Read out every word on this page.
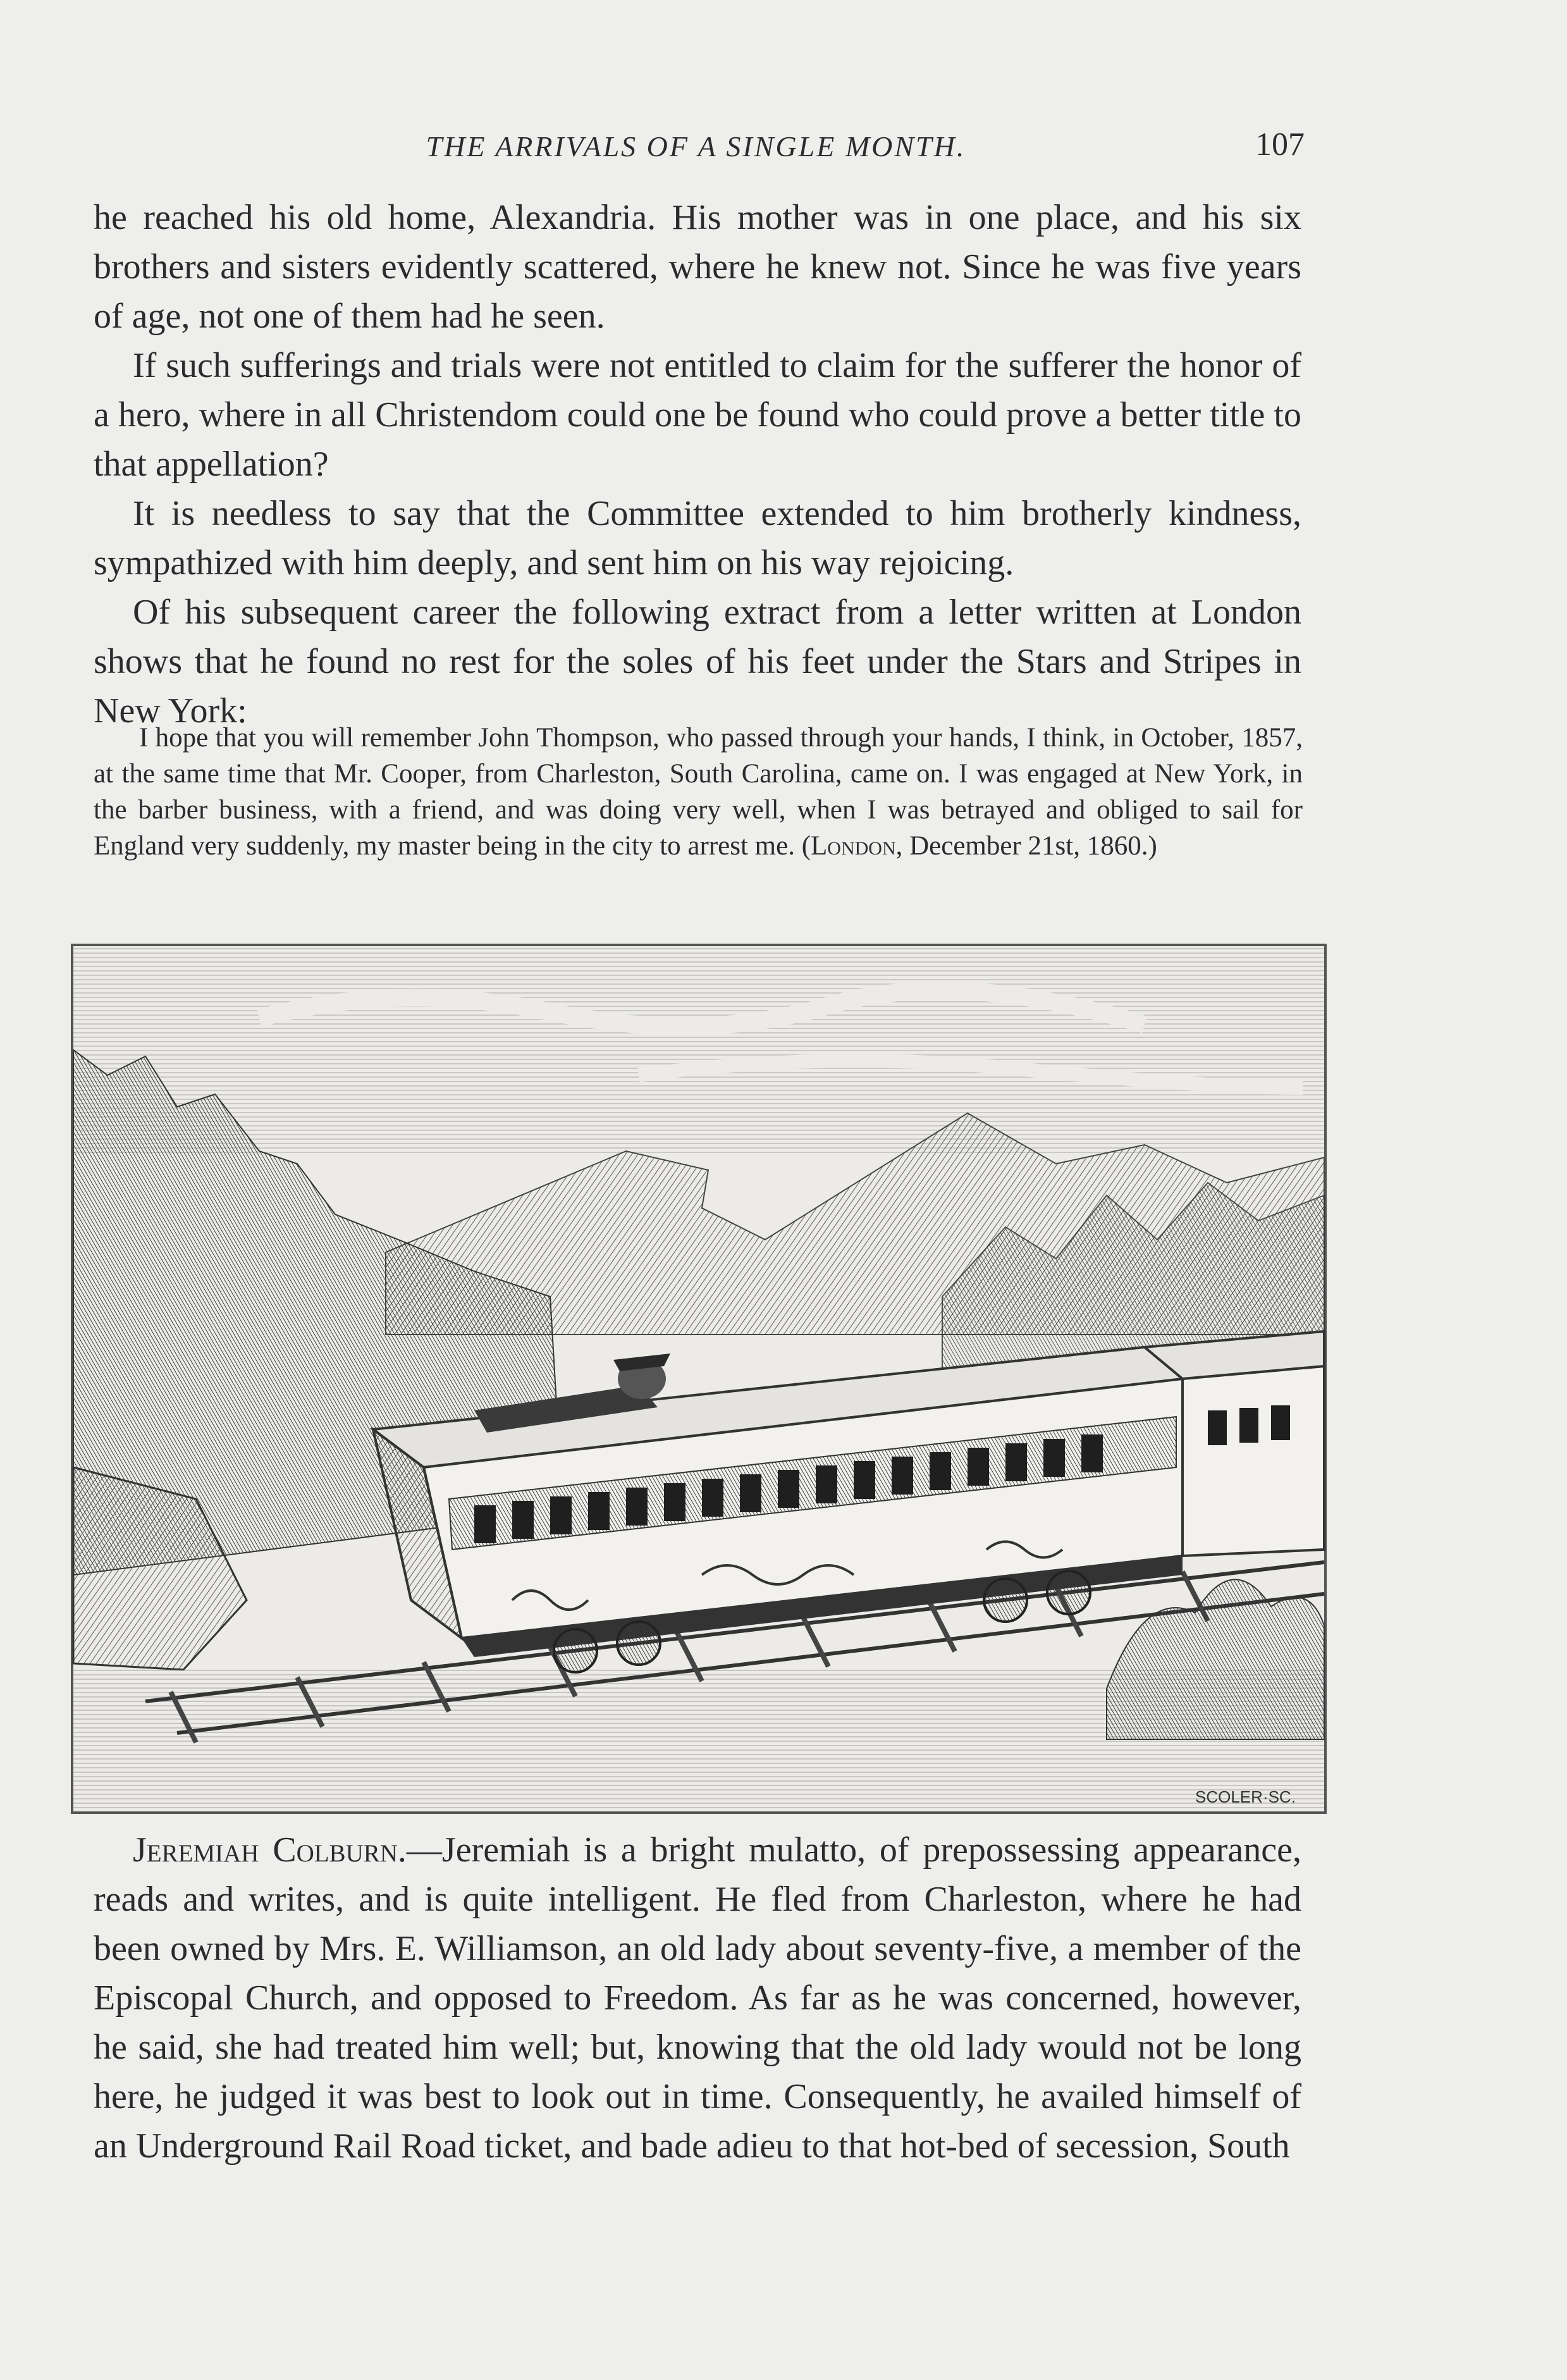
THE ARRIVALS OF A SINGLE MONTH.	107

he reached his old home, Alexandria. His mother was in one place, and his six brothers and sisters evidently scattered, where he knew not. Since he was five years of age, not one of them had he seen.

If such sufferings and trials were not entitled to claim for the sufferer the honor of a hero, where in all Christendom could one be found who could prove a better title to that appellation?

It is needless to say that the Committee extended to him brotherly kindness, sympathized with him deeply, and sent him on his way rejoicing.

Of his subsequent career the following extract from a letter written at London shows that he found no rest for the soles of his feet under the Stars and Stripes in New York:

I hope that you will remember John Thompson, who passed through your hands, I think, in October, 1857, at the same time that Mr. Cooper, from Charleston, South Carolina, came on. I was engaged at New York, in the barber business, with a friend, and was doing very well, when I was betrayed and obliged to sail for England very suddenly, my master being in the city to arrest me. (London, December 21st, 1860.)
SCOLER·SC.
Jeremiah Colburn.—Jeremiah is a bright mulatto, of prepossessing appearance, reads and writes, and is quite intelligent. He fled from Charleston, where he had been owned by Mrs. E. Williamson, an old lady about seventy-five, a member of the Episcopal Church, and opposed to Freedom. As far as he was concerned, however, he said, she had treated him well; but, knowing that the old lady would not be long here, he judged it was best to look out in time. Consequently, he availed himself of an Underground Rail Road ticket, and bade adieu to that hot-bed of secession, South
